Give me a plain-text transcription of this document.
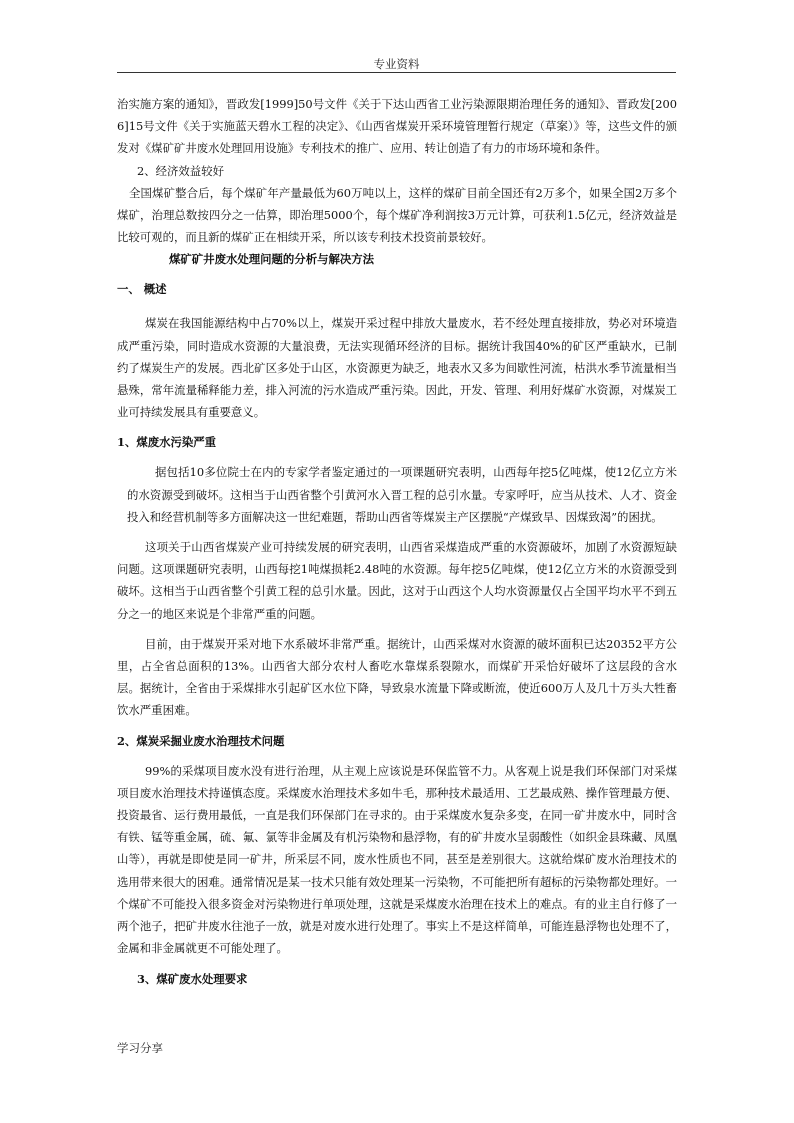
专业资料

治实施方案的通知》，晋政发[1999]50号文件《关于下达山西省工业污染源限期治理任务的通知》、晋政发[2006]15号文件《关于实施蓝天碧水工程的决定》、《山西省煤炭开采环境管理暂行规定（草案）》等，这些文件的颁发对《煤矿矿井废水处理回用设施》专利技术的推广、应用、转让创造了有力的市场环境和条件。

2、经济效益较好

全国煤矿整合后，每个煤矿年产量最低为60万吨以上，这样的煤矿目前全国还有2万多个，如果全国2万多个煤矿，治理总数按四分之一估算，即治理5000个，每个煤矿净利润按3万元计算，可获利1.5亿元，经济效益是比较可观的，而且新的煤矿正在相续开采，所以该专利技术投资前景较好。

煤矿矿井废水处理问题的分析与解决方法

一、 概述

煤炭在我国能源结构中占70%以上，煤炭开采过程中排放大量废水，若不经处理直接排放，势必对环境造成严重污染，同时造成水资源的大量浪费，无法实现循环经济的目标。据统计我国40%的矿区严重缺水，已制约了煤炭生产的发展。西北矿区多处于山区，水资源更为缺乏，地表水又多为间歇性河流，枯洪水季节流量相当悬殊，常年流量稀释能力差，排入河流的污水造成严重污染。因此，开发、管理、利用好煤矿水资源，对煤炭工业可持续发展具有重要意义。

1、煤废水污染严重

据包括10多位院士在内的专家学者鉴定通过的一项课题研究表明，山西每年挖5亿吨煤，使12亿立方米的水资源受到破坏。这相当于山西省整个引黄河水入晋工程的总引水量。专家呼吁，应当从技术、人才、资金投入和经营机制等多方面解决这一世纪难题，帮助山西省等煤炭主产区摆脱“产煤致旱、因煤致渴”的困扰。

这项关于山西省煤炭产业可持续发展的研究表明，山西省采煤造成严重的水资源破坏，加剧了水资源短缺问题。这项课题研究表明，山西每挖1吨煤损耗2.48吨的水资源。每年挖5亿吨煤，使12亿立方米的水资源受到破坏。这相当于山西省整个引黄工程的总引水量。因此，这对于山西这个人均水资源量仅占全国平均水平不到五分之一的地区来说是个非常严重的问题。

目前，由于煤炭开采对地下水系破坏非常严重。据统计，山西采煤对水资源的破坏面积已达20352平方公里，占全省总面积的13%。山西省大部分农村人畜吃水靠煤系裂隙水，而煤矿开采恰好破坏了这层段的含水层。据统计，全省由于采煤排水引起矿区水位下降，导致泉水流量下降或断流，使近600万人及几十万头大牲畜饮水严重困难。

2、煤炭采掘业废水治理技术问题

99%的采煤项目废水没有进行治理，从主观上应该说是环保监管不力。从客观上说是我们环保部门对采煤项目废水治理技术持谨慎态度。采煤废水治理技术多如牛毛，那种技术最适用、工艺最成熟、操作管理最方便、投资最省、运行费用最低，一直是我们环保部门在寻求的。由于采煤废水复杂多变，在同一矿井废水中，同时含有铁、锰等重金属，硫、氟、氯等非金属及有机污染物和悬浮物，有的矿井废水呈弱酸性（如织金县珠藏、凤凰山等），再就是即使是同一矿井，所采层不同，废水性质也不同，甚至是差别很大。这就给煤矿废水治理技术的选用带来很大的困难。通常情况是某一技术只能有效处理某一污染物，不可能把所有超标的污染物都处理好。一个煤矿不可能投入很多资金对污染物进行单项处理，这就是采煤废水治理在技术上的难点。有的业主自行修了一两个池子，把矿井废水往池子一放，就是对废水进行处理了。事实上不是这样简单，可能连悬浮物也处理不了，金属和非金属就更不可能处理了。

3、煤矿废水处理要求

学习分享
